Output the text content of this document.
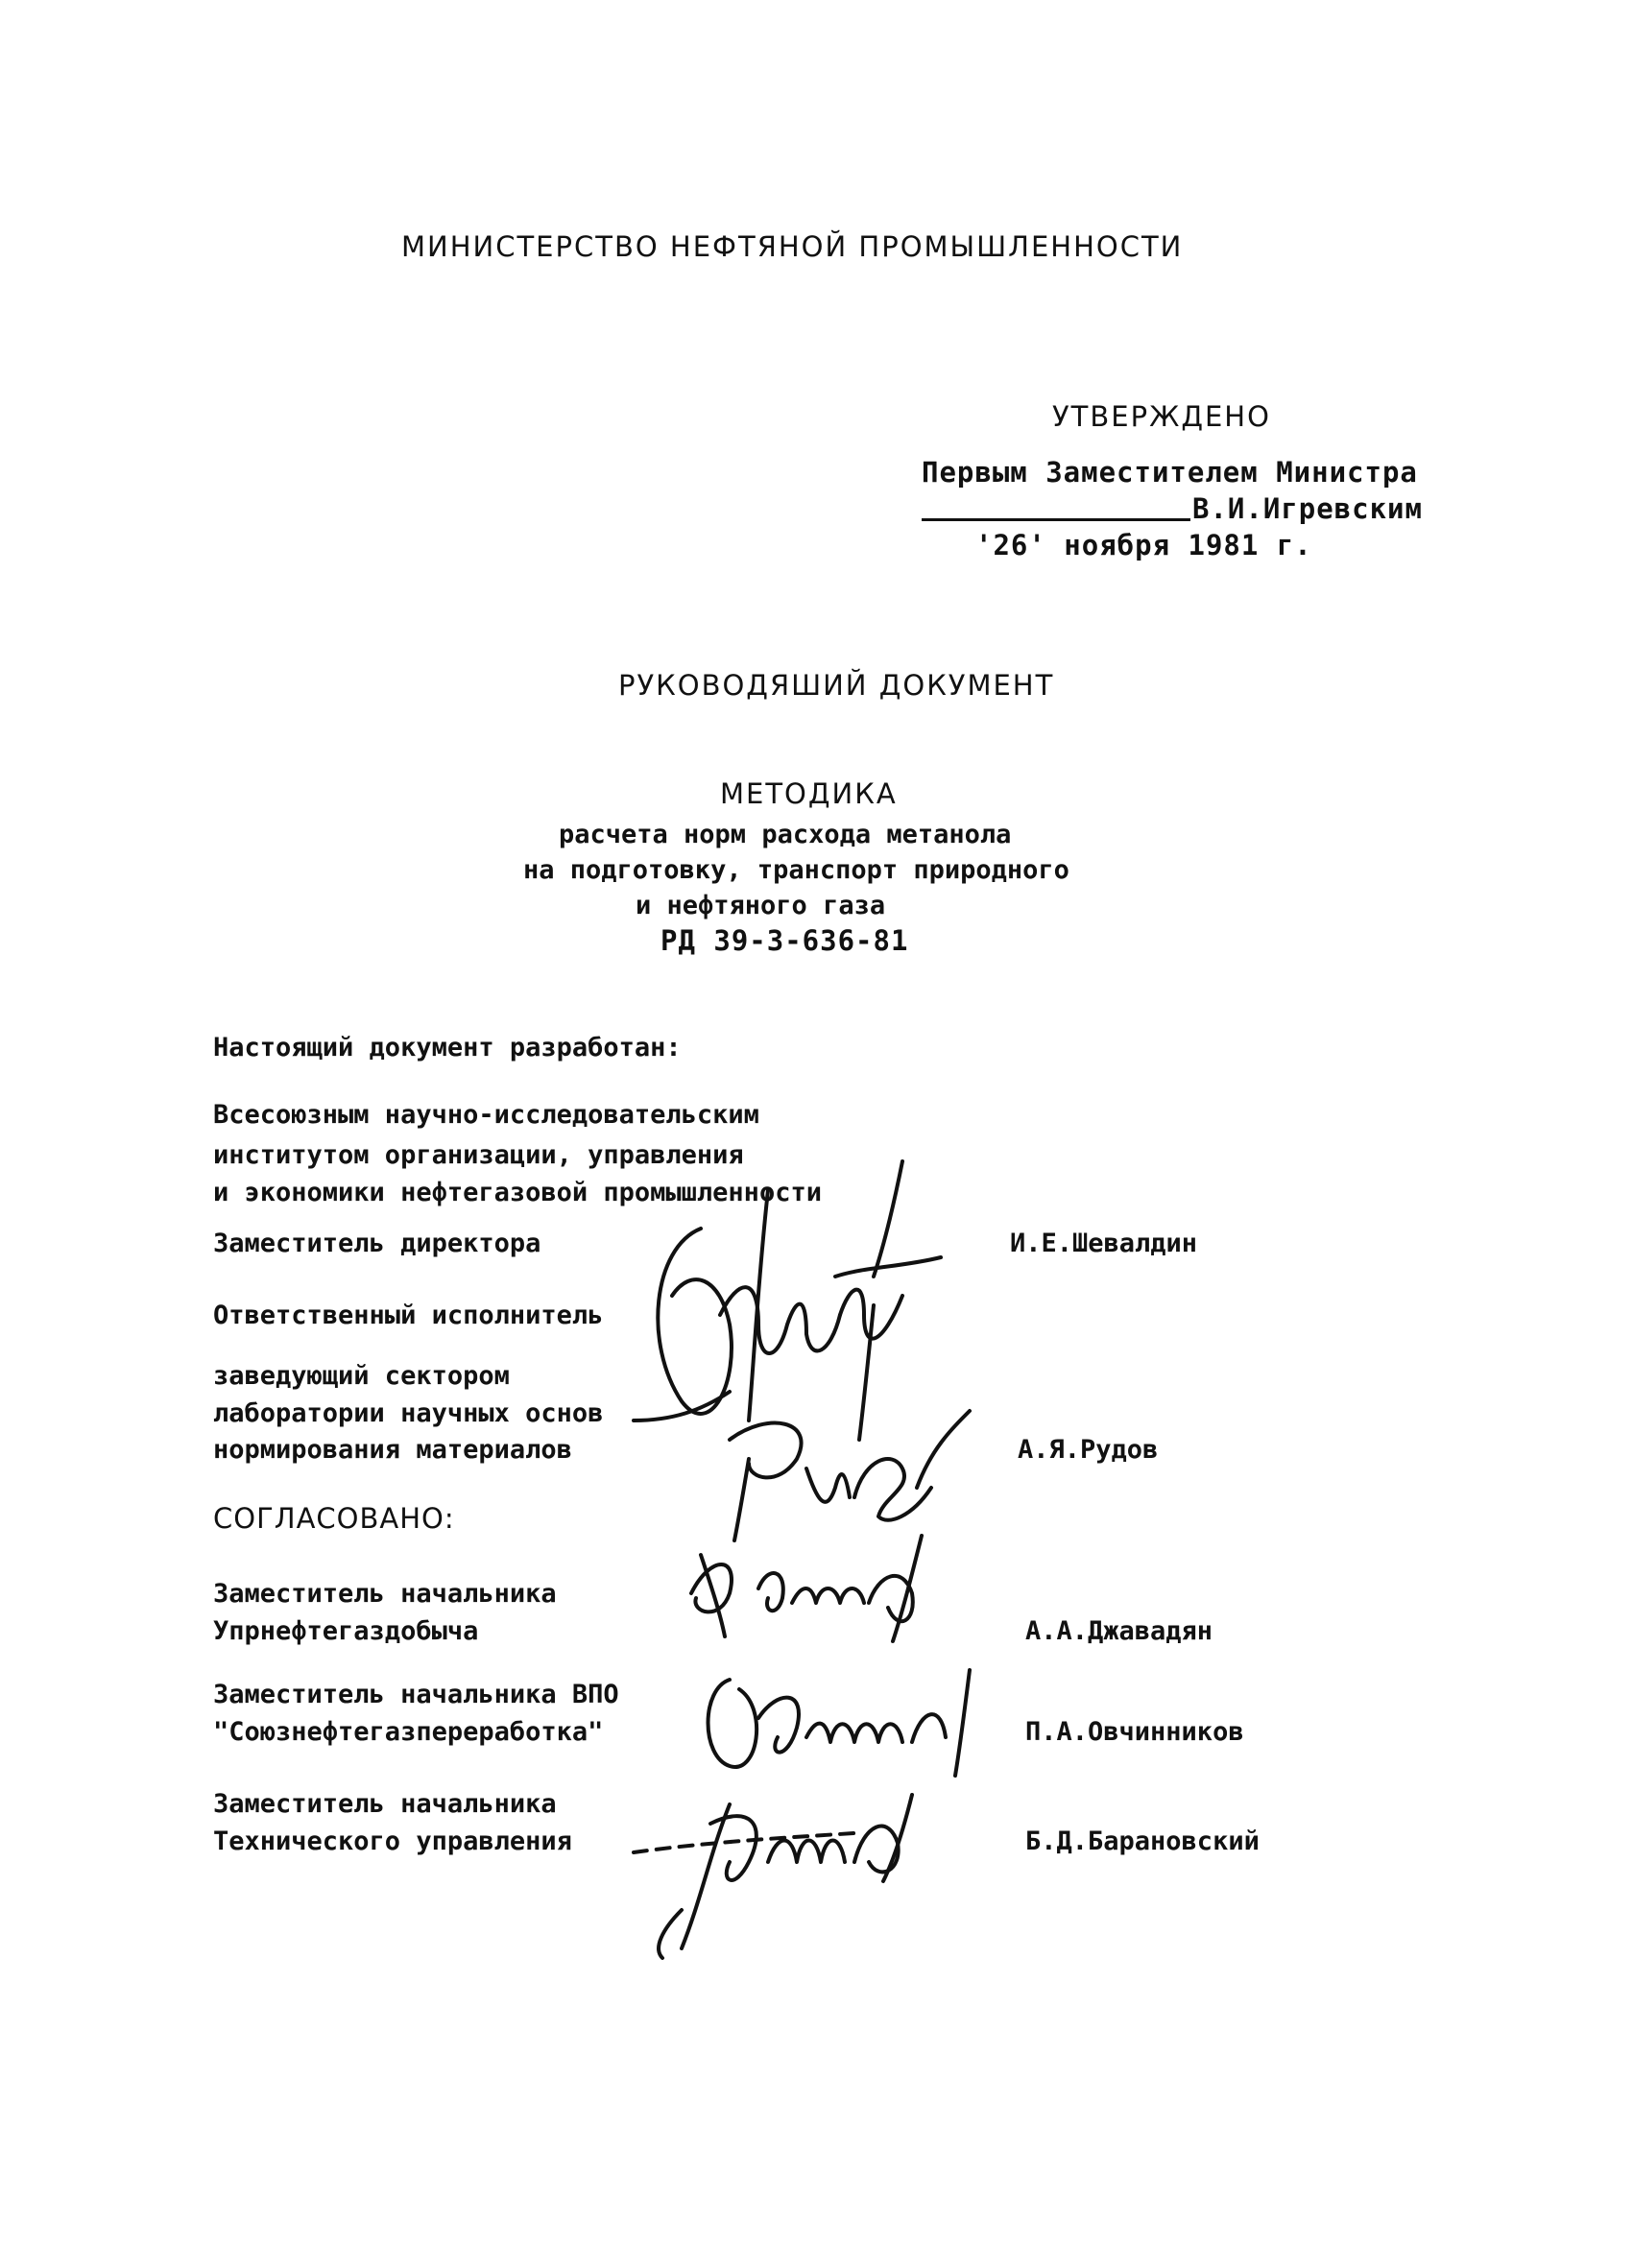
МИНИСТЕРСТВО НЕФТЯНОЙ ПРОМЫШЛЕННОСТИ
УТВЕРЖДЕНО
Первым Заместителем Министра
В.И.Игревским
'26' ноября 1981 г.
РУКОВОДЯШИЙ ДОКУМЕНТ
МЕТОДИКА
расчета норм расхода метанола
на подготовку, транспорт природного
и нефтяного газа
РД 39-3-636-81
Настоящий документ разработан:
Всесоюзным научно-исследовательским
институтом организации, управления
и экономики нефтегазовой промышленности
Заместитель директора	И.Е.Шевалдин
Ответственный исполнитель
заведующий сектором
лаборатории научных основ
нормирования материалов	А.Я.Рудов
СОГЛАСОВАНО:
Заместитель начальника
Упрнефтегаздобыча	А.А.Джавадян
Заместитель начальника ВПО
"Союзнефтегазпереработка"	П.А.Овчинников
Заместитель начальника
Технического управления	Б.Д.Барановский
